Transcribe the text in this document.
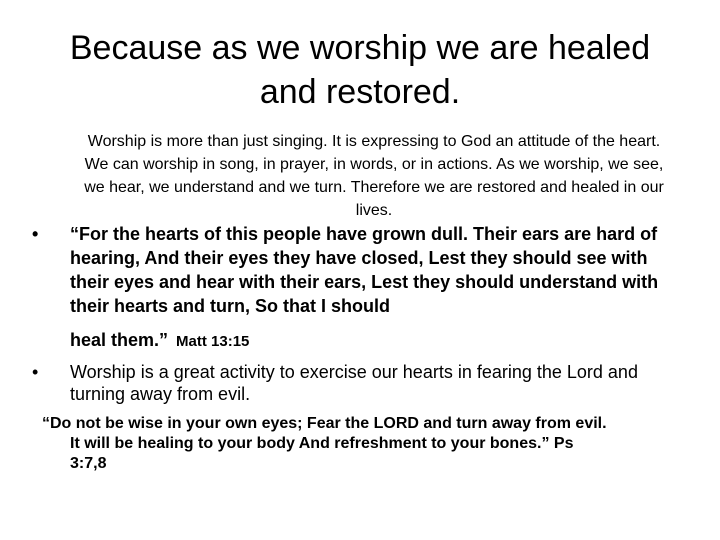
Because as we worship we are healed
and restored.
Worship is more than just singing. It is expressing to God an attitude of the heart. We can worship in song, in prayer, in words, or in actions. As we worship, we see, we hear, we understand and we turn. Therefore we are restored and healed in our lives.
• “For the hearts of this people have grown dull. Their ears are hard of hearing, And their eyes they have closed, Lest they should see with their eyes and hear with their ears, Lest they should understand with their hearts and turn, So that I should
heal them.” Matt 13:15
• Worship is a great activity to exercise our hearts in fearing the Lord and turning away from evil.
“Do not be wise in your own eyes; Fear the LORD and turn away from evil.
It will be healing to your body And refreshment to your bones.” Ps
3:7,8
